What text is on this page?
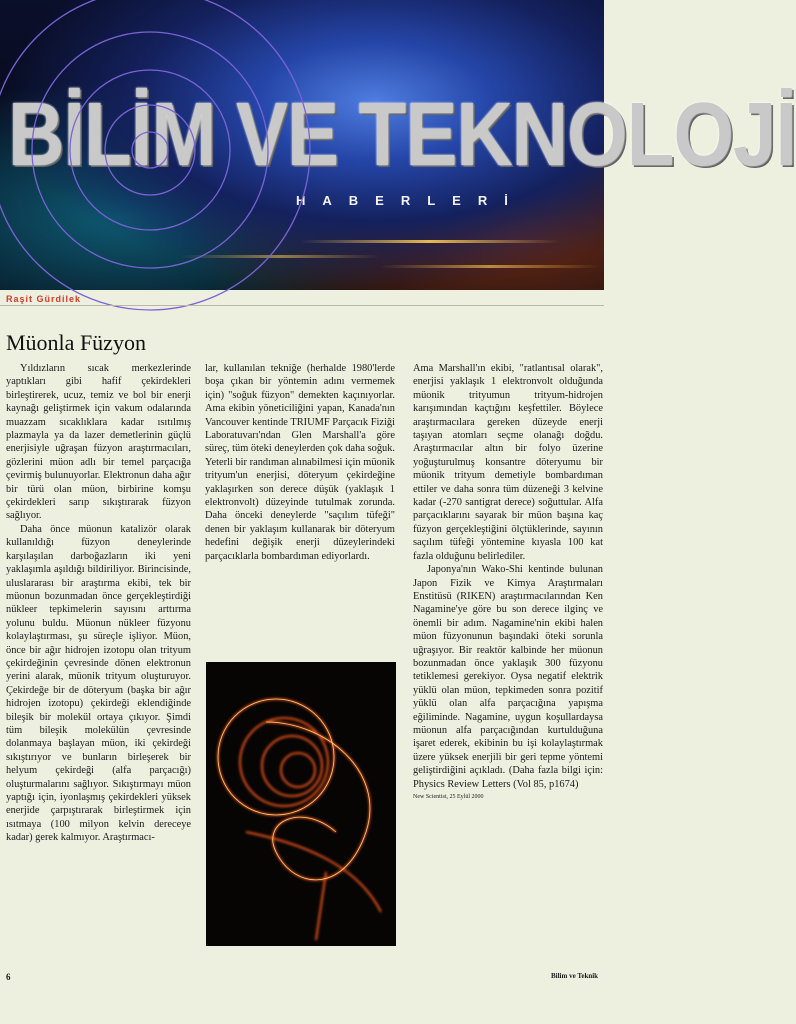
BİLİM VE TEKNOLOJİ
HABERLERİ
Raşit Gürdilek
Müonla Füzyon

Yıldızların sıcak merkezlerinde yaptıkları gibi hafif çekirdekleri birleştirerek, ucuz, temiz ve bol bir enerji kaynağı geliştirmek için vakum odalarında muazzam sıcaklıklara kadar ısıtılmış plazmayla ya da lazer demetlerinin güçlü enerjisiyle uğraşan füzyon araştırmacıları, gözlerini müon adlı bir temel parçacığa çevirmiş bulunuyorlar. Elektronun daha ağır bir türü olan müon, birbirine komşu çekirdekleri sarıp sıkıştırarak füzyon sağlıyor.

Daha önce müonun katalizör olarak kullanıldığı füzyon deneylerinde karşılaşılan darboğazların iki yeni yaklaşımla aşıldığı bildiriliyor. Birincisinde, uluslararası bir araştırma ekibi, tek bir müonun bozunmadan önce gerçekleştirdiği nükleer tepkimelerin sayısını arttırma yolunu buldu. Müonun nükleer füzyonu kolaylaştırması, şu süreçle işliyor. Müon, önce bir ağır hidrojen izotopu olan trityum çekirdeğinin çevresinde dönen elektronun yerini alarak, müonik trityum oluşturuyor. Çekirdeğe bir de döteryum (başka bir ağır hidrojen izotopu) çekirdeği eklendiğinde bileşik bir molekül ortaya çıkıyor. Şimdi tüm bileşik molekülün çevresinde dolanmaya başlayan müon, iki çekirdeği sıkıştırıyor ve bunların birleşerek bir helyum çekirdeği (alfa parçacığı) oluşturmalarını sağlıyor. Sıkıştırmayı müon yaptığı için, iyonlaşmış çekirdekleri yüksek enerjide çarpıştırarak birleştirmek için ısıtmaya (100 milyon kelvin dereceye kadar) gerek kalmıyor. Araştırmacı-

lar, kullanılan tekniğe (herhalde 1980'lerde boşa çıkan bir yöntemin adını vermemek için) "soğuk füzyon" demekten kaçınıyorlar. Ama ekibin yöneticiliğini yapan, Kanada'nın Vancouver kentinde TRIUMF Parçacık Fiziği Laboratuvarı'ndan Glen Marshall'a göre süreç, tüm öteki deneylerden çok daha soğuk. Yeterli bir randıman alınabilmesi için müonik trityum'un enerjisi, döteryum çekirdeğine yaklaşırken son derece düşük (yaklaşık 1 elektronvolt) düzeyinde tutulmak zorunda. Daha önceki deneylerde "saçılım tüfeği" denen bir yaklaşım kullanarak bir döteryum hedefini değişik enerji düzeylerindeki parçacıklarla bombardıman ediyorlardı.

Ama Marshall'ın ekibi, "ratlantısal olarak", enerjisi yaklaşık 1 elektronvolt olduğunda müonik trityumun trityum-hidrojen karışımından kaçtığını keşfettiler. Böylece araştırmacılara gereken düzeyde enerji taşıyan atomları seçme olanağı doğdu. Araştırmacılar altın bir folyo üzerine yoğuşturulmuş konsantre döteryumu bir müonik trityum demetiyle bombardıman ettiler ve daha sonra tüm düzeneği 3 kelvine kadar (-270 santigrat derece) soğuttular. Alfa parçacıklarını sayarak bir müon başına kaç füzyon gerçekleştiğini ölçtüklerinde, sayının saçılım tüfeği yöntemine kıyasla 100 kat fazla olduğunu belirlediler.

Japonya'nın Wako-Shi kentinde bulunan Japon Fizik ve Kimya Araştırmaları Enstitüsü (RIKEN) araştırmacılarından Ken Nagamine'ye göre bu son derece ilginç ve önemli bir adım. Nagamine'nin ekibi halen müon füzyonunun başındaki öteki sorunla uğraşıyor. Bir reaktör kalbinde her müonun bozunmadan önce yaklaşık 300 füzyonu tetiklemesi gerekiyor. Oysa negatif elektrik yüklü olan müon, tepkimeden sonra pozitif yüklü olan alfa parçacığına yapışma eğiliminde. Nagamine, uygun koşullardaysa müonun alfa parçacığından kurtulduğuna işaret ederek, ekibinin bu işi kolaylaştırmak üzere yüksek enerjili bir geri tepme yöntemi geliştirdiğini açıkladı. (Daha fazla bilgi için: Physics Review Letters (Vol 85, p1674)

New Scientist, 25 Eylül 2000

6	Bilim ve Teknik
